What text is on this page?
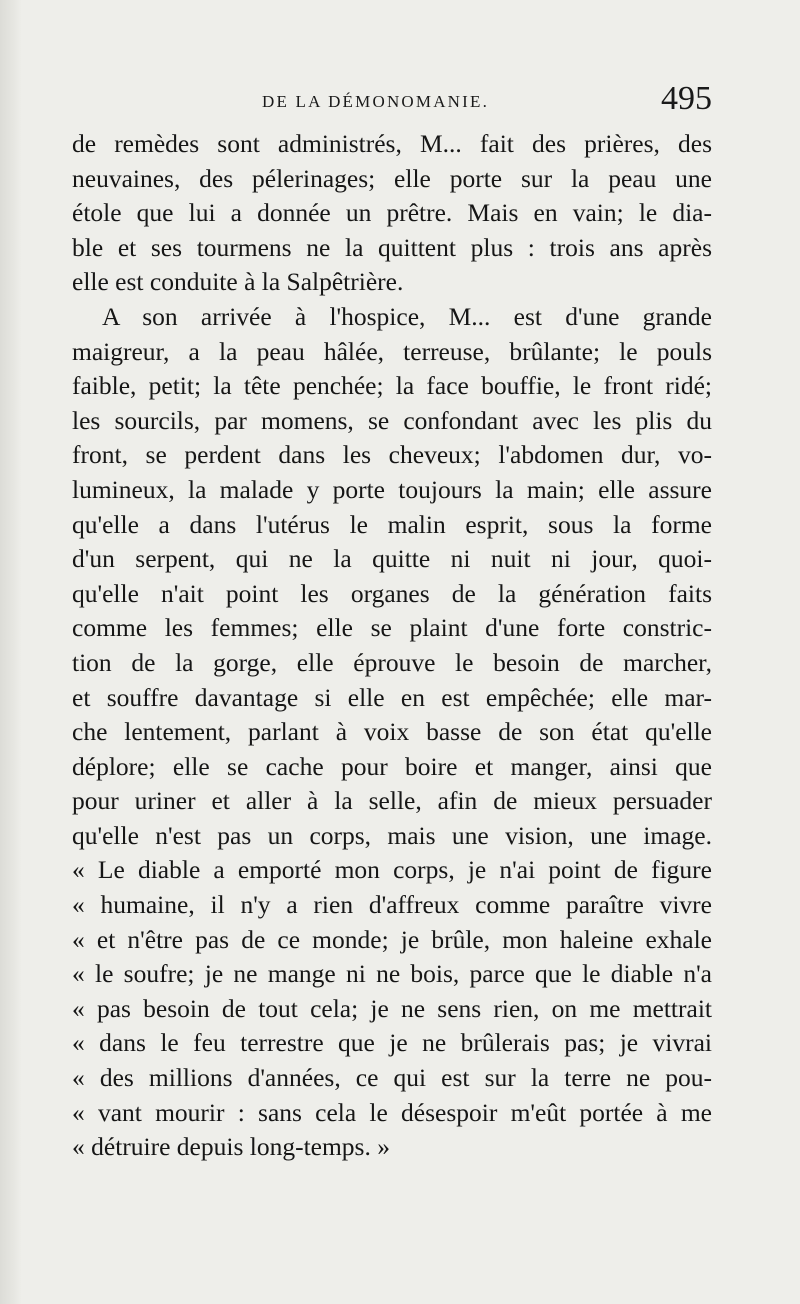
DE LA DÉMONOMANIE.	495
de remèdes sont administrés, M... fait des prières, des
neuvaines, des pélerinages; elle porte sur la peau une
étole que lui a donnée un prêtre. Mais en vain; le dia-
ble et ses tourmens ne la quittent plus : trois ans après
elle est conduite à la Salpêtrière.
A son arrivée à l'hospice, M... est d'une grande
maigreur, a la peau hâlée, terreuse, brûlante; le pouls
faible, petit; la tête penchée; la face bouffie, le front ridé;
les sourcils, par momens, se confondant avec les plis du
front, se perdent dans les cheveux; l'abdomen dur, vo-
lumineux, la malade y porte toujours la main; elle assure
qu'elle a dans l'utérus le malin esprit, sous la forme
d'un serpent, qui ne la quitte ni nuit ni jour, quoi-
qu'elle n'ait point les organes de la génération faits
comme les femmes; elle se plaint d'une forte constric-
tion de la gorge, elle éprouve le besoin de marcher,
et souffre davantage si elle en est empêchée; elle mar-
che lentement, parlant à voix basse de son état qu'elle
déplore; elle se cache pour boire et manger, ainsi que
pour uriner et aller à la selle, afin de mieux persuader
qu'elle n'est pas un corps, mais une vision, une image.
« Le diable a emporté mon corps, je n'ai point de figure
« humaine, il n'y a rien d'affreux comme paraître vivre
« et n'être pas de ce monde; je brûle, mon haleine exhale
« le soufre; je ne mange ni ne bois, parce que le diable n'a
« pas besoin de tout cela; je ne sens rien, on me mettrait
« dans le feu terrestre que je ne brûlerais pas; je vivrai
« des millions d'années, ce qui est sur la terre ne pou-
« vant mourir : sans cela le désespoir m'eût portée à me
« détruire depuis long-temps. »
